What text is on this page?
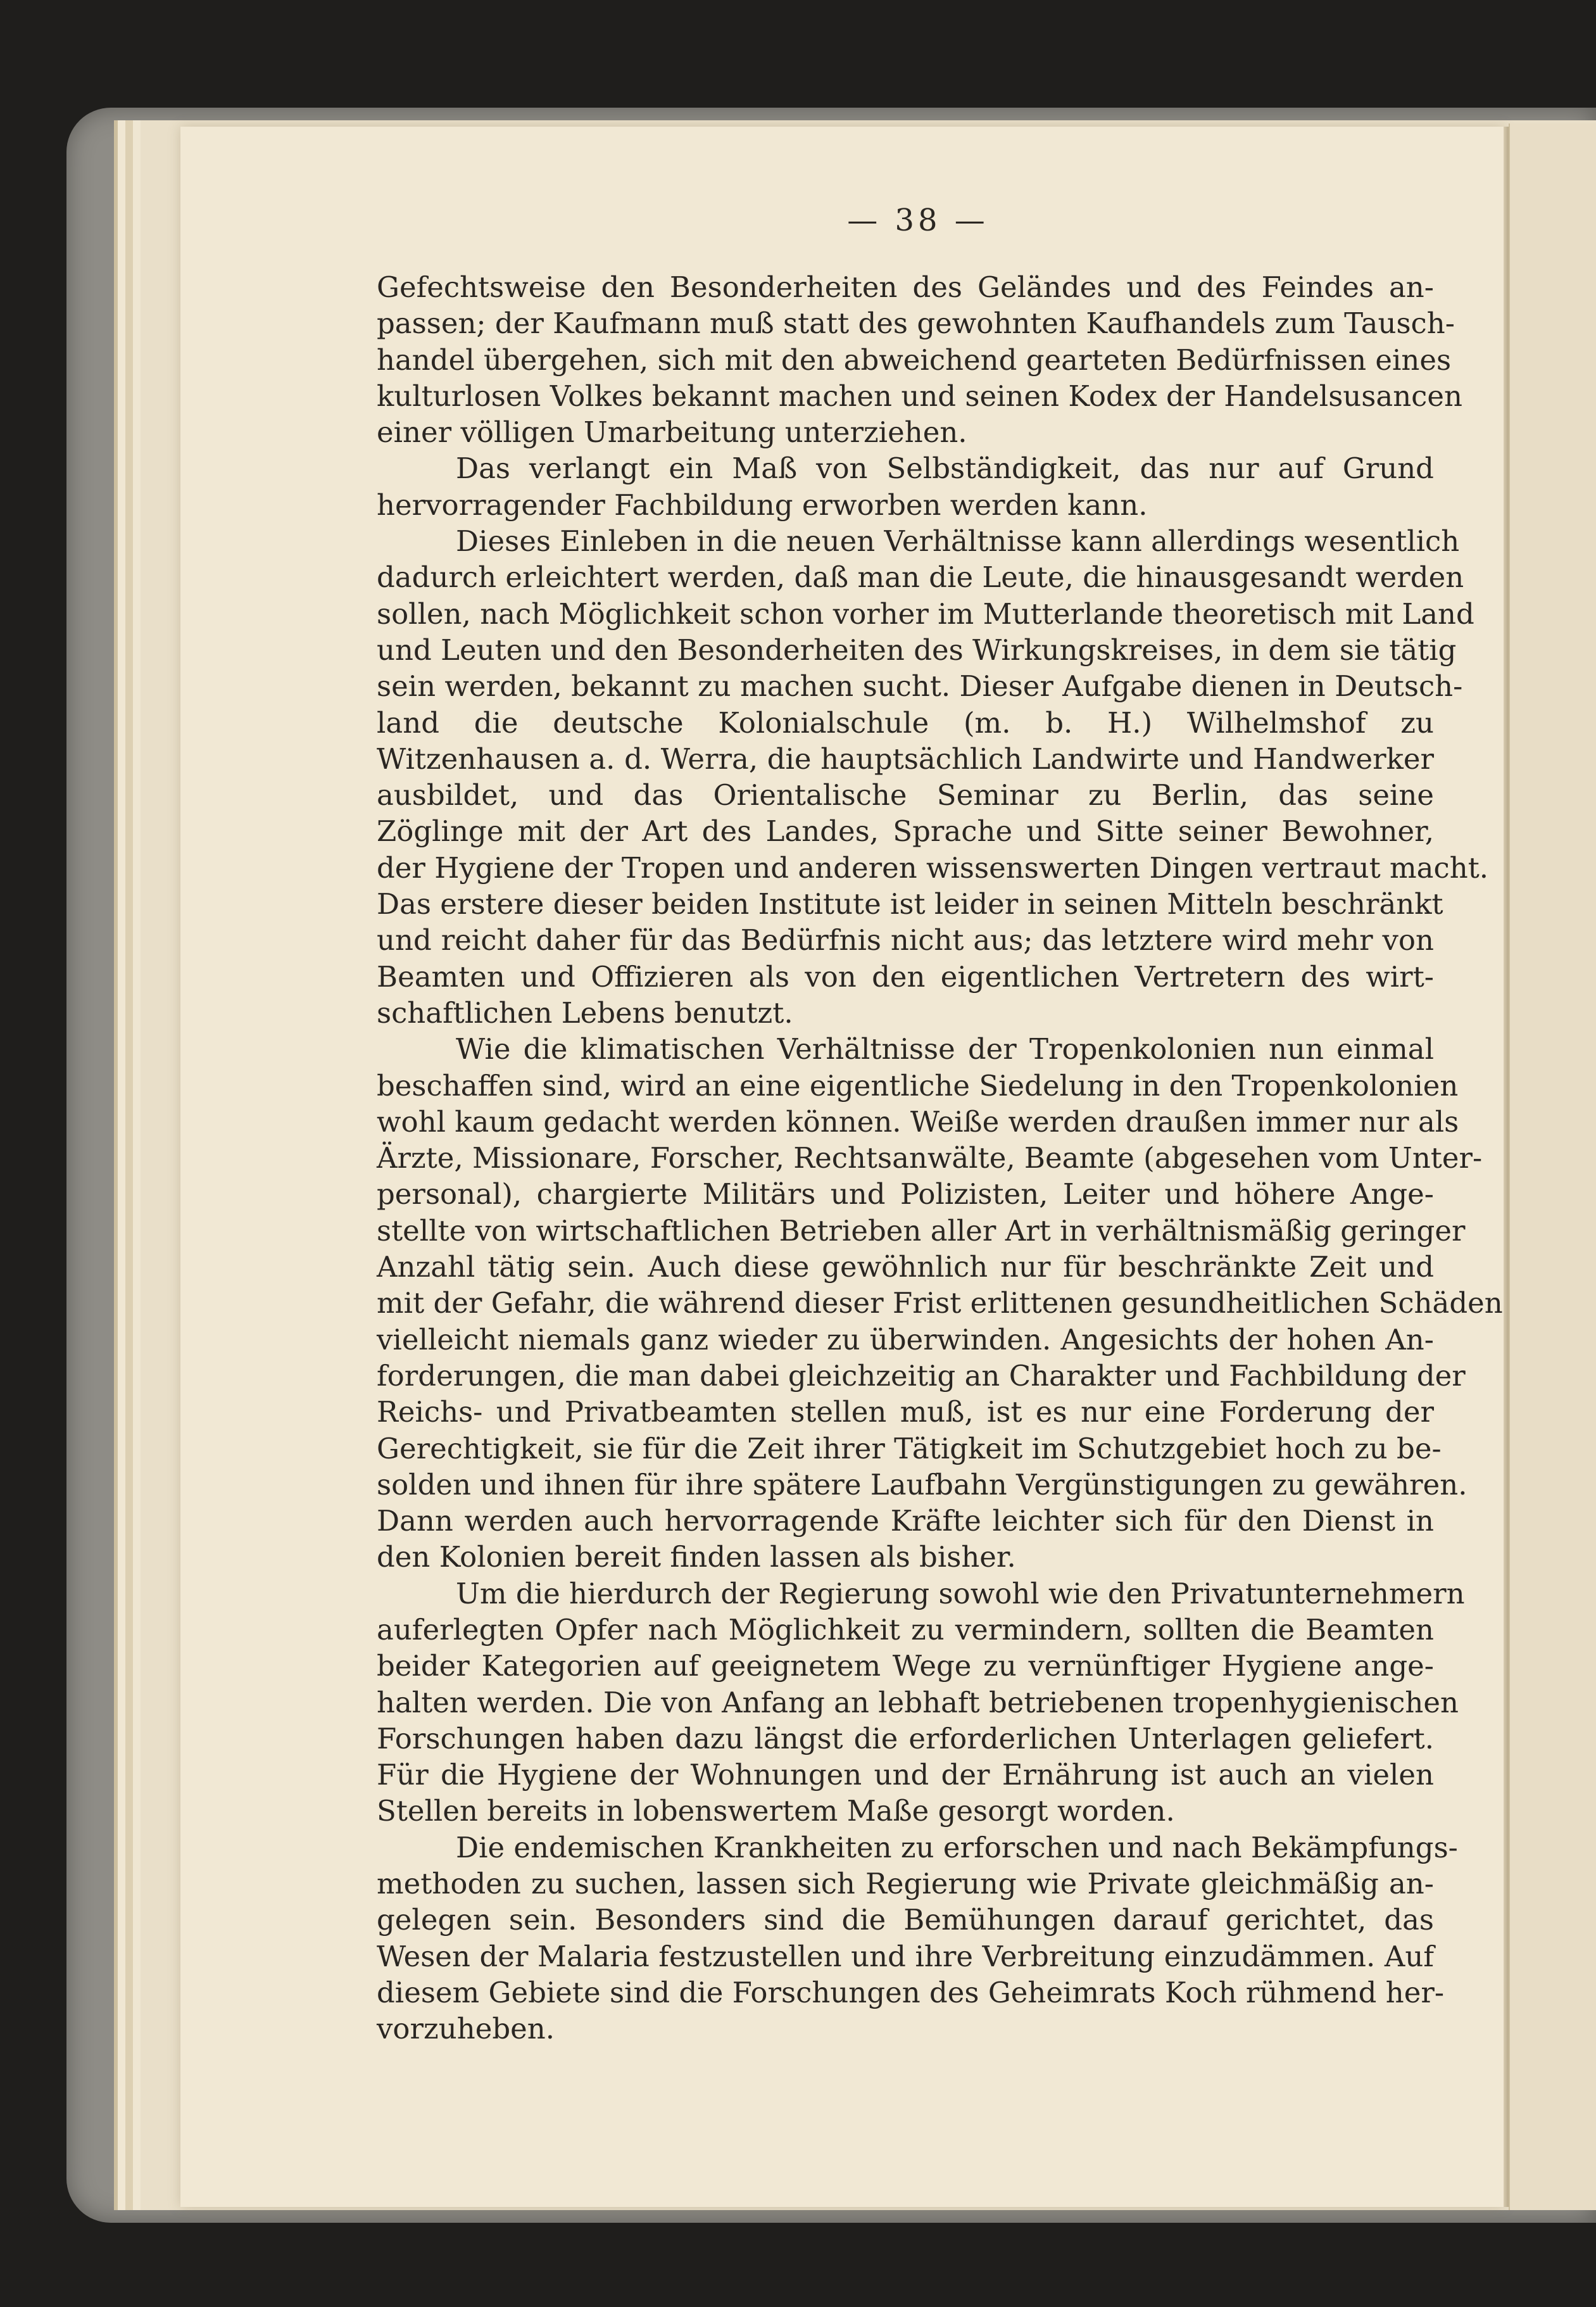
— 38 —
Gefechtsweise den Besonderheiten des Geländes und des Feindes an-
passen; der Kaufmann muß statt des gewohnten Kaufhandels zum Tausch-
handel übergehen, sich mit den abweichend gearteten Bedürfnissen eines
kulturlosen Volkes bekannt machen und seinen Kodex der Handelsusancen
einer völligen Umarbeitung unterziehen.
Das verlangt ein Maß von Selbständigkeit, das nur auf Grund
hervorragender Fachbildung erworben werden kann.
Dieses Einleben in die neuen Verhältnisse kann allerdings wesentlich
dadurch erleichtert werden, daß man die Leute, die hinausgesandt werden
sollen, nach Möglichkeit schon vorher im Mutterlande theoretisch mit Land
und Leuten und den Besonderheiten des Wirkungskreises, in dem sie tätig
sein werden, bekannt zu machen sucht. Dieser Aufgabe dienen in Deutsch-
land die deutsche Kolonialschule (m. b. H.) Wilhelmshof zu
Witzenhausen a. d. Werra, die hauptsächlich Landwirte und Handwerker
ausbildet, und das Orientalische Seminar zu Berlin, das seine
Zöglinge mit der Art des Landes, Sprache und Sitte seiner Bewohner,
der Hygiene der Tropen und anderen wissenswerten Dingen vertraut macht.
Das erstere dieser beiden Institute ist leider in seinen Mitteln beschränkt
und reicht daher für das Bedürfnis nicht aus; das letztere wird mehr von
Beamten und Offizieren als von den eigentlichen Vertretern des wirt-
schaftlichen Lebens benutzt.
Wie die klimatischen Verhältnisse der Tropenkolonien nun einmal
beschaffen sind, wird an eine eigentliche Siedelung in den Tropenkolonien
wohl kaum gedacht werden können. Weiße werden draußen immer nur als
Ärzte, Missionare, Forscher, Rechtsanwälte, Beamte (abgesehen vom Unter-
personal), chargierte Militärs und Polizisten, Leiter und höhere Ange-
stellte von wirtschaftlichen Betrieben aller Art in verhältnismäßig geringer
Anzahl tätig sein. Auch diese gewöhnlich nur für beschränkte Zeit und
mit der Gefahr, die während dieser Frist erlittenen gesundheitlichen Schäden
vielleicht niemals ganz wieder zu überwinden. Angesichts der hohen An-
forderungen, die man dabei gleichzeitig an Charakter und Fachbildung der
Reichs- und Privatbeamten stellen muß, ist es nur eine Forderung der
Gerechtigkeit, sie für die Zeit ihrer Tätigkeit im Schutzgebiet hoch zu be-
solden und ihnen für ihre spätere Laufbahn Vergünstigungen zu gewähren.
Dann werden auch hervorragende Kräfte leichter sich für den Dienst in
den Kolonien bereit finden lassen als bisher.
Um die hierdurch der Regierung sowohl wie den Privatunternehmern
auferlegten Opfer nach Möglichkeit zu vermindern, sollten die Beamten
beider Kategorien auf geeignetem Wege zu vernünftiger Hygiene ange-
halten werden. Die von Anfang an lebhaft betriebenen tropenhygienischen
Forschungen haben dazu längst die erforderlichen Unterlagen geliefert.
Für die Hygiene der Wohnungen und der Ernährung ist auch an vielen
Stellen bereits in lobenswertem Maße gesorgt worden.
Die endemischen Krankheiten zu erforschen und nach Bekämpfungs-
methoden zu suchen, lassen sich Regierung wie Private gleichmäßig an-
gelegen sein. Besonders sind die Bemühungen darauf gerichtet, das
Wesen der Malaria festzustellen und ihre Verbreitung einzudämmen. Auf
diesem Gebiete sind die Forschungen des Geheimrats Koch rühmend her-
vorzuheben.
